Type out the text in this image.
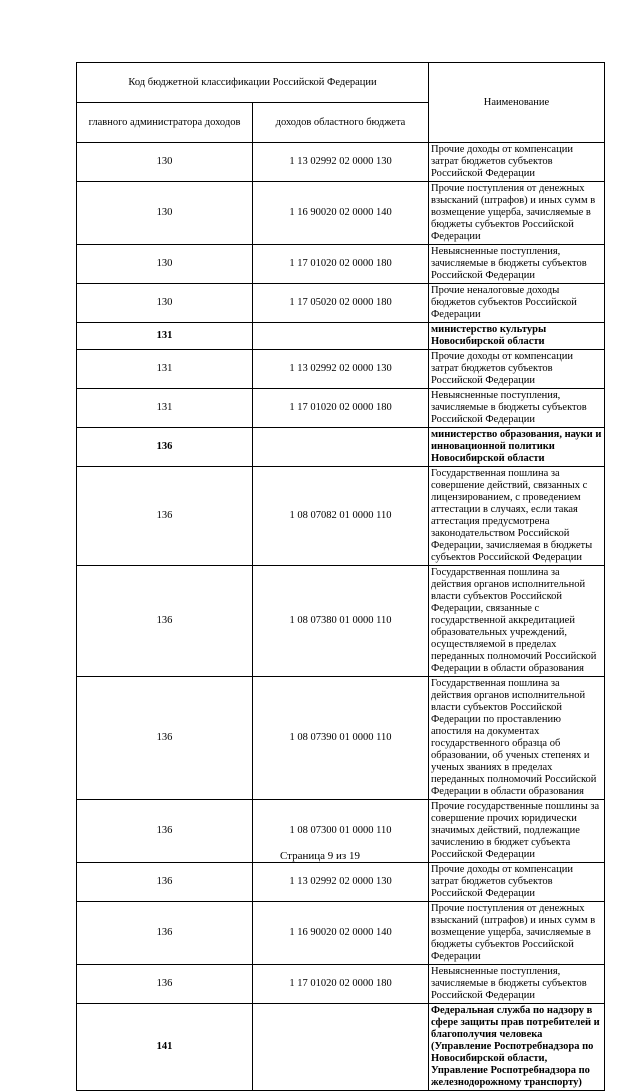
Код бюджетной классификации Российской Федерации		Наименование
главного администратора доходов	доходов областного бюджета	
130	1 13 02992 02 0000 130	Прочие доходы от компенсации затрат бюджетов субъектов Российской Федерации
130	1 16 90020 02 0000 140	Прочие поступления от денежных взысканий (штрафов) и иных сумм в возмещение ущерба, зачисляемые в бюджеты субъектов Российской Федерации
130	1 17 01020 02 0000 180	Невыясненные поступления, зачисляемые в бюджеты субъектов Российской Федерации
130	1 17 05020 02 0000 180	Прочие неналоговые доходы бюджетов субъектов Российской Федерации
131		министерство культуры Новосибирской области
131	1 13 02992 02 0000 130	Прочие доходы от компенсации затрат бюджетов субъектов Российской Федерации
131	1 17 01020 02 0000 180	Невыясненные поступления, зачисляемые в бюджеты субъектов Российской Федерации
136		министерство образования, науки и инновационной политики Новосибирской области
136	1 08 07082 01 0000 110	Государственная пошлина за совершение действий, связанных с лицензированием, с проведением аттестации в случаях, если такая аттестация предусмотрена законодательством Российской Федерации, зачисляемая в бюджеты субъектов Российской Федерации
136	1 08 07380 01 0000 110	Государственная пошлина за действия органов исполнительной власти субъектов Российской Федерации, связанные с государственной аккредитацией образовательных учреждений, осуществляемой в пределах переданных полномочий Российской Федерации в области образования
136	1 08 07390 01 0000 110	Государственная пошлина за действия органов исполнительной власти субъектов Российской Федерации по проставлению апостиля на документах государственного образца об образовании, об ученых степенях и ученых званиях в пределах переданных полномочий Российской Федерации в области образования
136	1 08 07300 01 0000 110	Прочие государственные пошлины за совершение прочих юридически значимых действий, подлежащие зачислению в бюджет субъекта Российской Федерации
136	1 13 02992 02 0000 130	Прочие доходы от компенсации затрат бюджетов субъектов Российской Федерации
136	1 16 90020 02 0000 140	Прочие поступления от денежных взысканий (штрафов) и иных сумм в возмещение ущерба, зачисляемые в бюджеты субъектов Российской Федерации
136	1 17 01020 02 0000 180	Невыясненные поступления, зачисляемые в бюджеты субъектов Российской Федерации
141		Федеральная служба по надзору в сфере защиты прав потребителей и благополучия человека (Управление Роспотребнадзора по Новосибирской области, Управление Роспотребнадзора по железнодорожному транспорту)
Страница 9 из 19
